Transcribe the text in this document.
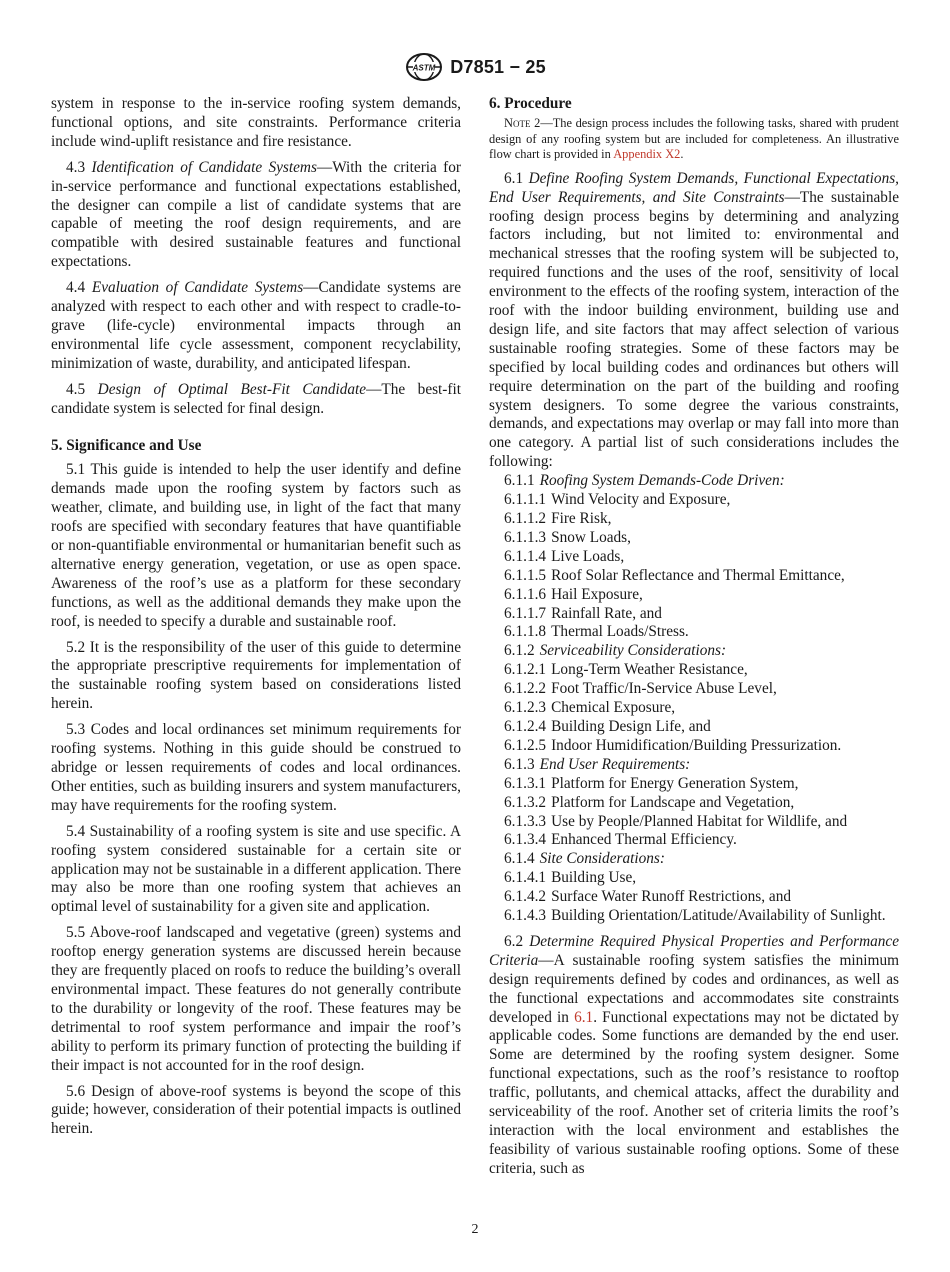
ASTM D7851 − 25

system in response to the in-service roofing system demands, functional options, and site constraints. Performance criteria include wind-uplift resistance and fire resistance.

4.3 Identification of Candidate Systems—With the criteria for in-service performance and functional expectations established, the designer can compile a list of candidate systems that are capable of meeting the roof design requirements, and are compatible with desired sustainable features and functional expectations.

4.4 Evaluation of Candidate Systems—Candidate systems are analyzed with respect to each other and with respect to cradle-to-grave (life-cycle) environmental impacts through an environmental life cycle assessment, component recyclability, minimization of waste, durability, and anticipated lifespan.

4.5 Design of Optimal Best-Fit Candidate—The best-fit candidate system is selected for final design.

5. Significance and Use

5.1 This guide is intended to help the user identify and define demands made upon the roofing system by factors such as weather, climate, and building use, in light of the fact that many roofs are specified with secondary features that have quantifiable or non-quantifiable environmental or humanitarian benefit such as alternative energy generation, vegetation, or use as open space. Awareness of the roof’s use as a platform for these secondary functions, as well as the additional demands they make upon the roof, is needed to specify a durable and sustainable roof.

5.2 It is the responsibility of the user of this guide to determine the appropriate prescriptive requirements for implementation of the sustainable roofing system based on considerations listed herein.

5.3 Codes and local ordinances set minimum requirements for roofing systems. Nothing in this guide should be construed to abridge or lessen requirements of codes and local ordinances. Other entities, such as building insurers and system manufacturers, may have requirements for the roofing system.

5.4 Sustainability of a roofing system is site and use specific. A roofing system considered sustainable for a certain site or application may not be sustainable in a different application. There may also be more than one roofing system that achieves an optimal level of sustainability for a given site and application.

5.5 Above-roof landscaped and vegetative (green) systems and rooftop energy generation systems are discussed herein because they are frequently placed on roofs to reduce the building’s overall environmental impact. These features do not generally contribute to the durability or longevity of the roof. These features may be detrimental to roof system performance and impair the roof’s ability to perform its primary function of protecting the building if their impact is not accounted for in the roof design.

5.6 Design of above-roof systems is beyond the scope of this guide; however, consideration of their potential impacts is outlined herein.

6. Procedure

Note 2—The design process includes the following tasks, shared with prudent design of any roofing system but are included for completeness. An illustrative flow chart is provided in Appendix X2.

6.1 Define Roofing System Demands, Functional Expectations, End User Requirements, and Site Constraints—The sustainable roofing design process begins by determining and analyzing factors including, but not limited to: environmental and mechanical stresses that the roofing system will be subjected to, required functions and the uses of the roof, sensitivity of local environment to the effects of the roofing system, interaction of the roof with the indoor building environment, building use and design life, and site factors that may affect selection of various sustainable roofing strategies. Some of these factors may be specified by local building codes and ordinances but others will require determination on the part of the building and roofing system designers. To some degree the various constraints, demands, and expectations may overlap or may fall into more than one category. A partial list of such considerations includes the following:

6.1.1 Roofing System Demands-Code Driven:
6.1.1.1 Wind Velocity and Exposure,
6.1.1.2 Fire Risk,
6.1.1.3 Snow Loads,
6.1.1.4 Live Loads,
6.1.1.5 Roof Solar Reflectance and Thermal Emittance,
6.1.1.6 Hail Exposure,
6.1.1.7 Rainfall Rate, and
6.1.1.8 Thermal Loads/Stress.
6.1.2 Serviceability Considerations:
6.1.2.1 Long-Term Weather Resistance,
6.1.2.2 Foot Traffic/In-Service Abuse Level,
6.1.2.3 Chemical Exposure,
6.1.2.4 Building Design Life, and
6.1.2.5 Indoor Humidification/Building Pressurization.
6.1.3 End User Requirements:
6.1.3.1 Platform for Energy Generation System,
6.1.3.2 Platform for Landscape and Vegetation,
6.1.3.3 Use by People/Planned Habitat for Wildlife, and
6.1.3.4 Enhanced Thermal Efficiency.
6.1.4 Site Considerations:
6.1.4.1 Building Use,
6.1.4.2 Surface Water Runoff Restrictions, and
6.1.4.3 Building Orientation/Latitude/Availability of Sunlight.

6.2 Determine Required Physical Properties and Performance Criteria—A sustainable roofing system satisfies the minimum design requirements defined by codes and ordinances, as well as the functional expectations and accommodates site constraints developed in 6.1. Functional expectations may not be dictated by applicable codes. Some functions are demanded by the end user. Some are determined by the roofing system designer. Some functional expectations, such as the roof’s resistance to rooftop traffic, pollutants, and chemical attacks, affect the durability and serviceability of the roof. Another set of criteria limits the roof’s interaction with the local environment and establishes the feasibility of various sustainable roofing options. Some of these criteria, such as

2
